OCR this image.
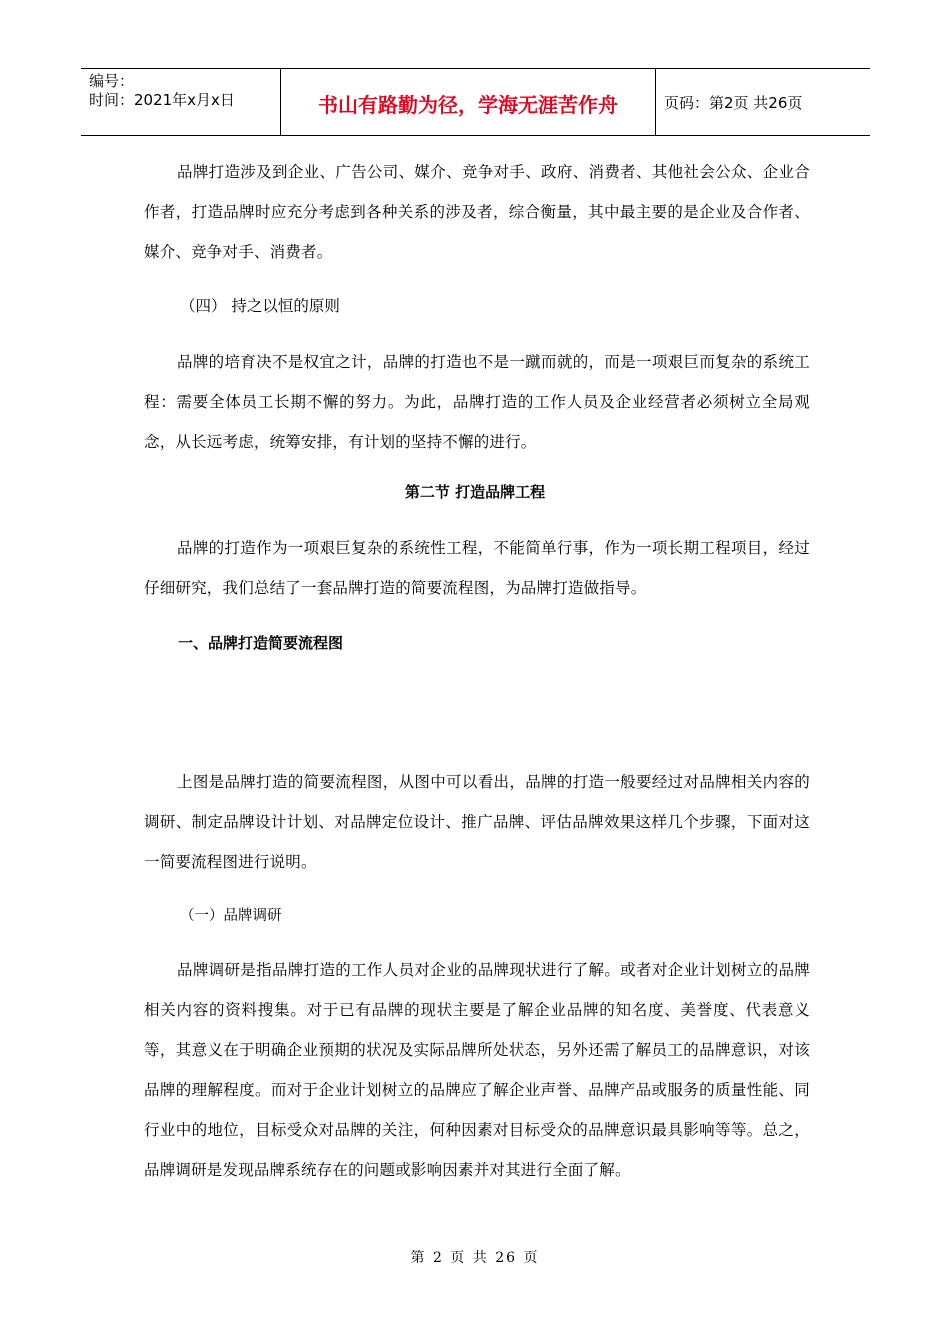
编号：
时间：2021年x月x日	书山有路勤为径，学海无涯苦作舟	页码：第2页 共26页

品牌打造涉及到企业、广告公司、媒介、竞争对手、政府、消费者、其他社会公众、企业合作者，打造品牌时应充分考虑到各种关系的涉及者，综合衡量，其中最主要的是企业及合作者、媒介、竞争对手、消费者。

（四） 持之以恒的原则

品牌的培育决不是权宜之计，品牌的打造也不是一蹴而就的，而是一项艰巨而复杂的系统工程：需要全体员工长期不懈的努力。为此，品牌打造的工作人员及企业经营者必须树立全局观念，从长远考虑，统筹安排，有计划的坚持不懈的进行。

第二节 打造品牌工程

品牌的打造作为一项艰巨复杂的系统性工程，不能简单行事，作为一项长期工程项目，经过仔细研究，我们总结了一套品牌打造的简要流程图，为品牌打造做指导。

一、品牌打造简要流程图

上图是品牌打造的简要流程图，从图中可以看出，品牌的打造一般要经过对品牌相关内容的调研、制定品牌设计计划、对品牌定位设计、推广品牌、评估品牌效果这样几个步骤，下面对这一简要流程图进行说明。

（一）品牌调研

品牌调研是指品牌打造的工作人员对企业的品牌现状进行了解。或者对企业计划树立的品牌相关内容的资料搜集。对于已有品牌的现状主要是了解企业品牌的知名度、美誉度、代表意义等，其意义在于明确企业预期的状况及实际品牌所处状态，另外还需了解员工的品牌意识，对该品牌的理解程度。而对于企业计划树立的品牌应了解企业声誉、品牌产品或服务的质量性能、同行业中的地位，目标受众对品牌的关注，何种因素对目标受众的品牌意识最具影响等等。总之，品牌调研是发现品牌系统存在的问题或影响因素并对其进行全面了解。

第 2 页 共 26 页
